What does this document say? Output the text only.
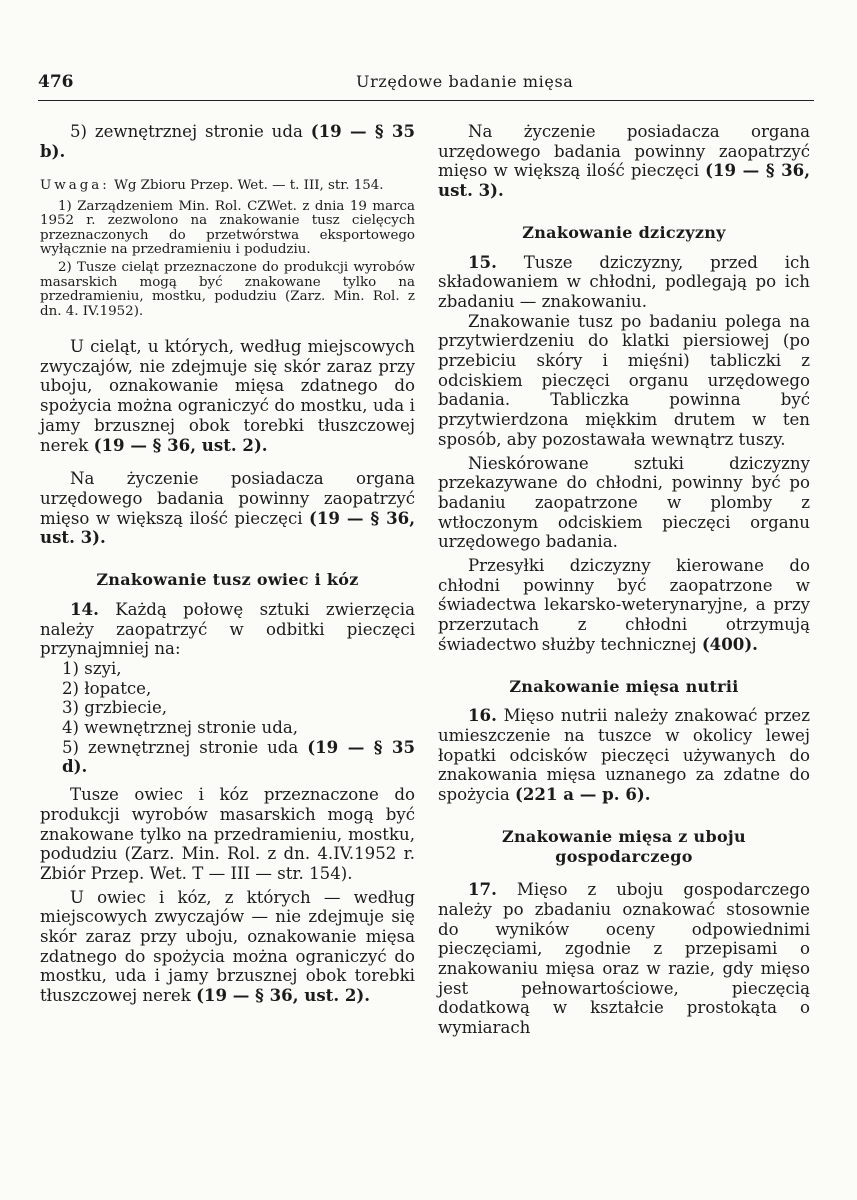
476	Urzędowe badanie mięsa

5) zewnętrznej stronie uda (19 — § 35 b).

Uwaga: Wg Zbioru Przep. Wet. — t. III, str. 154.

1) Zarządzeniem Min. Rol. CZWet. z dnia 19 marca 1952 r. zezwolono na znakowanie tusz cielęcych przeznaczonych do przetwórstwa eksportowego wyłącznie na przedramieniu i podudziu.

2) Tusze cieląt przeznaczone do produkcji wyrobów masarskich mogą być znakowane tylko na przedramieniu, mostku, podudziu (Zarz. Min. Rol. z dn. 4. IV.1952).

U cieląt, u których, według miejscowych zwyczajów, nie zdejmuje się skór zaraz przy uboju, oznakowanie mięsa zdatnego do spożycia można ograniczyć do mostku, uda i jamy brzusznej obok torebki tłuszczowej nerek (19 — § 36, ust. 2).

Na życzenie posiadacza organa urzędowego badania powinny zaopatrzyć mięso w większą ilość pieczęci (19 — § 36, ust. 3).

Znakowanie tusz owiec i kóz

14. Każdą połowę sztuki zwierzęcia należy zaopatrzyć w odbitki pieczęci przynajmniej na:

1) szyi,

2) łopatce,

3) grzbiecie,

4) wewnętrznej stronie uda,

5) zewnętrznej stronie uda (19 — § 35 d).

Tusze owiec i kóz przeznaczone do produkcji wyrobów masarskich mogą być znakowane tylko na przedramieniu, mostku, podudziu (Zarz. Min. Rol. z dn. 4.IV.1952 r. Zbiór Przep. Wet. T — III — str. 154).

U owiec i kóz, z których — według miejscowych zwyczajów — nie zdejmuje się skór zaraz przy uboju, oznakowanie mięsa zdatnego do spożycia można ograniczyć do mostku, uda i jamy brzusznej obok torebki tłuszczowej nerek (19 — § 36, ust. 2).

Na życzenie posiadacza organa urzędowego badania powinny zaopatrzyć mięso w większą ilość pieczęci (19 — § 36, ust. 3).

Znakowanie dziczyzny

15. Tusze dziczyzny, przed ich składowaniem w chłodni, podlegają po ich zbadaniu — znakowaniu.

Znakowanie tusz po badaniu polega na przytwierdzeniu do klatki piersiowej (po przebiciu skóry i mięśni) tabliczki z odciskiem pieczęci organu urzędowego badania. Tabliczka powinna być przytwierdzona miękkim drutem w ten sposób, aby pozostawała wewnątrz tuszy.

Nieskórowane sztuki dziczyzny przekazywane do chłodni, powinny być po badaniu zaopatrzone w plomby z wtłoczonym odciskiem pieczęci organu urzędowego badania.

Przesyłki dziczyzny kierowane do chłodni powinny być zaopatrzone w świadectwa lekarsko-weterynaryjne, a przy przerzutach z chłodni otrzymują świadectwo służby technicznej (400).

Znakowanie mięsa nutrii

16. Mięso nutrii należy znakować przez umieszczenie na tuszce w okolicy lewej łopatki odcisków pieczęci używanych do znakowania mięsa uznanego za zdatne do spożycia (221 a — p. 6).

Znakowanie mięsa z uboju gospodarczego

17. Mięso z uboju gospodarczego należy po zbadaniu oznakować stosownie do wyników oceny odpowiednimi pieczęciami, zgodnie z przepisami o znakowaniu mięsa oraz w razie, gdy mięso jest pełnowartościowe, pieczęcią dodatkową w kształcie prostokąta o wymiarach
